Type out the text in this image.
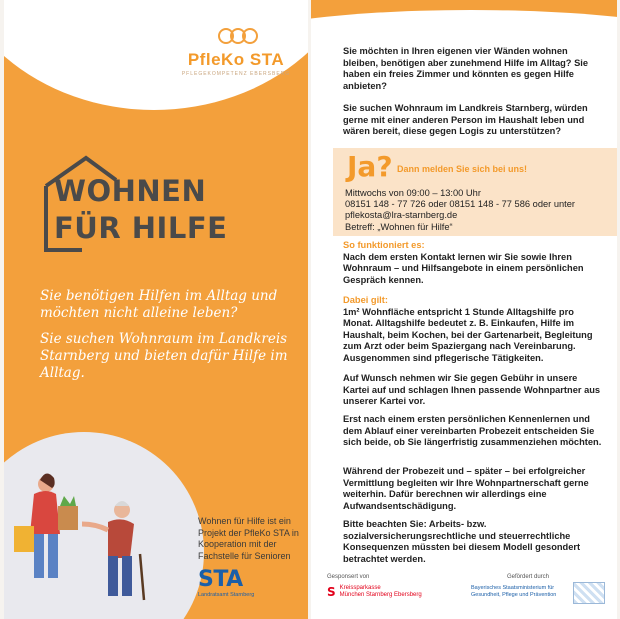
PfleKo STA
PFLEGEKOMPETENZ EBERSBERG
WOHNEN
FÜR HILFE
Sie benötigen Hilfen im Alltag und möchten nicht alleine leben?
Sie suchen Wohnraum im Landkreis Starnberg und bieten dafür Hilfe im Alltag.
Wohnen für Hilfe ist ein Projekt der PfleKo STA in Kooperation mit der Fachstelle für Senioren
STA
Landratsamt Starnberg
Sie möchten in Ihren eigenen vier Wänden wohnen bleiben, benötigen aber zunehmend Hilfe im Alltag? Sie haben ein freies Zimmer und könnten es gegen Hilfe anbieten?
Sie suchen Wohnraum im Landkreis Starnberg, würden gerne mit einer anderen Person im Haushalt leben und wären bereit, diese gegen Logis zu unterstützen?
Ja? Dann melden Sie sich bei uns!
Mittwochs von 09:00 – 13:00 Uhr
08151 148 - 77 726 oder 08151 148 - 77 586 oder unter
pflekosta@lra-starnberg.de
Betreff: „Wohnen für Hilfe“
So funktioniert es:
Nach dem ersten Kontakt lernen wir Sie sowie Ihren Wohnraum – und Hilfsangebote in einem persönlichen Gespräch kennen.
Dabei gilt:
1m² Wohnfläche entspricht 1 Stunde Alltagshilfe pro Monat. Alltagshilfe bedeutet z. B. Einkaufen, Hilfe im Haushalt, beim Kochen, bei der Gartenarbeit, Begleitung zum Arzt oder beim Spaziergang nach Vereinbarung. Ausgenommen sind pflegerische Tätigkeiten.
Auf Wunsch nehmen wir Sie gegen Gebühr in unsere Kartei auf und schlagen Ihnen passende Wohnpartner aus unserer Kartei vor.
Erst nach einem ersten persönlichen Kennenlernen und dem Ablauf einer vereinbarten Probezeit entscheiden Sie sich beide, ob Sie längerfristig zusammenziehen möchten.
Während der Probezeit und – später – bei erfolgreicher Vermittlung begleiten wir Ihre Wohnpartnerschaft gerne weiterhin. Dafür berechnen wir allerdings eine Aufwandsentschädigung.
Bitte beachten Sie: Arbeits- bzw. sozialversicherungsrechtliche und steuerrechtliche Konsequenzen müssten bei diesem Modell gesondert betrachtet werden.
Gesponsert von
S Kreissparkasse
München Starnberg Ebersberg
Gefördert durch
Bayerisches Staatsministerium für Gesundheit, Pflege und Prävention
